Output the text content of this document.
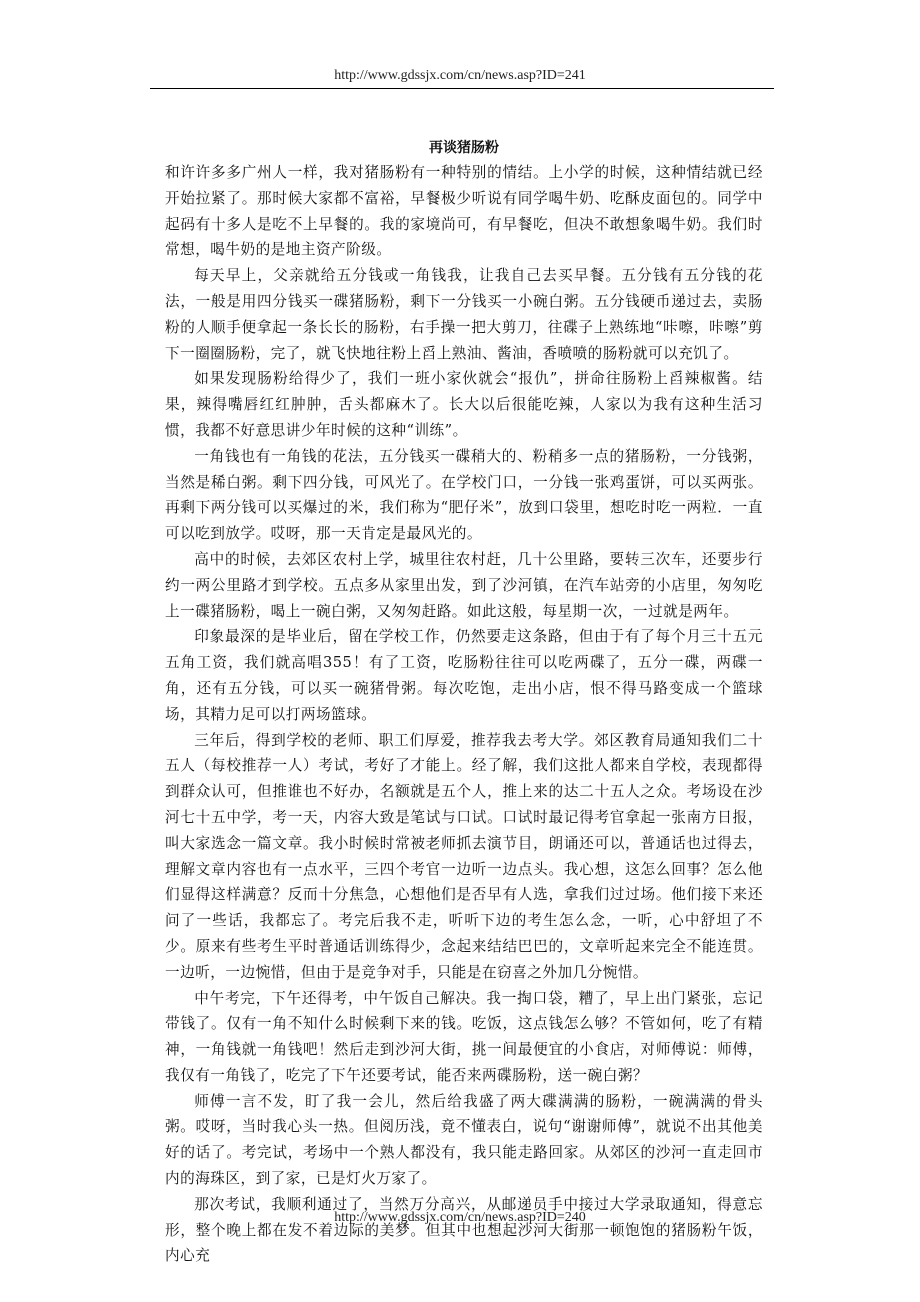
http://www.gdssjx.com/cn/news.asp?ID=241
再谈猪肠粉

和许许多多广州人一样，我对猪肠粉有一种特别的情结。上小学的时候，这种情结就已经开始拉紧了。那时候大家都不富裕，早餐极少听说有同学喝牛奶、吃酥皮面包的。同学中起码有十多人是吃不上早餐的。我的家境尚可，有早餐吃，但决不敢想象喝牛奶。我们时常想，喝牛奶的是地主资产阶级。

每天早上，父亲就给五分钱或一角钱我，让我自己去买早餐。五分钱有五分钱的花法，一般是用四分钱买一碟猪肠粉，剩下一分钱买一小碗白粥。五分钱硬币递过去，卖肠粉的人顺手便拿起一条长长的肠粉，右手操一把大剪刀，往碟子上熟练地“咔嚓，咔嚓”剪下一圈圈肠粉，完了，就飞快地往粉上舀上熟油、酱油，香喷喷的肠粉就可以充饥了。

如果发现肠粉给得少了，我们一班小家伙就会“报仇”，拼命往肠粉上舀辣椒酱。结果，辣得嘴唇红红肿肿，舌头都麻木了。长大以后很能吃辣，人家以为我有这种生活习惯，我都不好意思讲少年时候的这种“训练”。

一角钱也有一角钱的花法，五分钱买一碟稍大的、粉稍多一点的猪肠粉，一分钱粥，当然是稀白粥。剩下四分钱，可风光了。在学校门口，一分钱一张鸡蛋饼，可以买两张。再剩下两分钱可以买爆过的米，我们称为“肥仔米”，放到口袋里，想吃时吃一两粒．一直可以吃到放学。哎呀，那一天肯定是最风光的。

高中的时候，去郊区农村上学，城里往农村赶，几十公里路，要转三次车，还要步行约一两公里路才到学校。五点多从家里出发，到了沙河镇，在汽车站旁的小店里，匆匆吃上一碟猪肠粉，喝上一碗白粥，又匆匆赶路。如此这般，每星期一次，一过就是两年。

印象最深的是毕业后，留在学校工作，仍然要走这条路，但由于有了每个月三十五元五角工资，我们就高唱355！有了工资，吃肠粉往往可以吃两碟了，五分一碟，两碟一角，还有五分钱，可以买一碗猪骨粥。每次吃饱，走出小店，恨不得马路变成一个篮球场，其精力足可以打两场篮球。

三年后，得到学校的老师、职工们厚爱，推荐我去考大学。郊区教育局通知我们二十五人（每校推荐一人）考试，考好了才能上。经了解，我们这批人都来自学校，表现都得到群众认可，但推谁也不好办，名额就是五个人，推上来的达二十五人之众。考场设在沙河七十五中学，考一天，内容大致是笔试与口试。口试时最记得考官拿起一张南方日报，叫大家选念一篇文章。我小时候时常被老师抓去演节目，朗诵还可以，普通话也过得去，理解文章内容也有一点水平，三四个考官一边听一边点头。我心想，这怎么回事？怎么他们显得这样满意？反而十分焦急，心想他们是否早有人选，拿我们过过场。他们接下来还问了一些话，我都忘了。考完后我不走，听听下边的考生怎么念，一听，心中舒坦了不少。原来有些考生平时普通话训练得少，念起来结结巴巴的，文章听起来完全不能连贯。一边听，一边惋惜，但由于是竞争对手，只能是在窃喜之外加几分惋惜。

中午考完，下午还得考，中午饭自己解决。我一掏口袋，糟了，早上出门紧张，忘记带钱了。仅有一角不知什么时候剩下来的钱。吃饭，这点钱怎么够？不管如何，吃了有精神，一角钱就一角钱吧！然后走到沙河大街，挑一间最便宜的小食店，对师傅说：师傅，我仅有一角钱了，吃完了下午还要考试，能否来两碟肠粉，送一碗白粥？

师傅一言不发，盯了我一会儿，然后给我盛了两大碟满满的肠粉，一碗满满的骨头粥。哎呀，当时我心头一热。但阅历浅，竟不懂表白，说句“谢谢师傅”，就说不出其他美好的话了。考完试，考场中一个熟人都没有，我只能走路回家。从郊区的沙河一直走回市内的海珠区，到了家，已是灯火万家了。

那次考试，我顺利通过了，当然万分高兴，从邮递员手中接过大学录取通知，得意忘形，整个晚上都在发不着边际的美梦。但其中也想起沙河大街那一顿饱饱的猪肠粉午饭，内心充

http://www.gdssjx.com/cn/news.asp?ID=240
